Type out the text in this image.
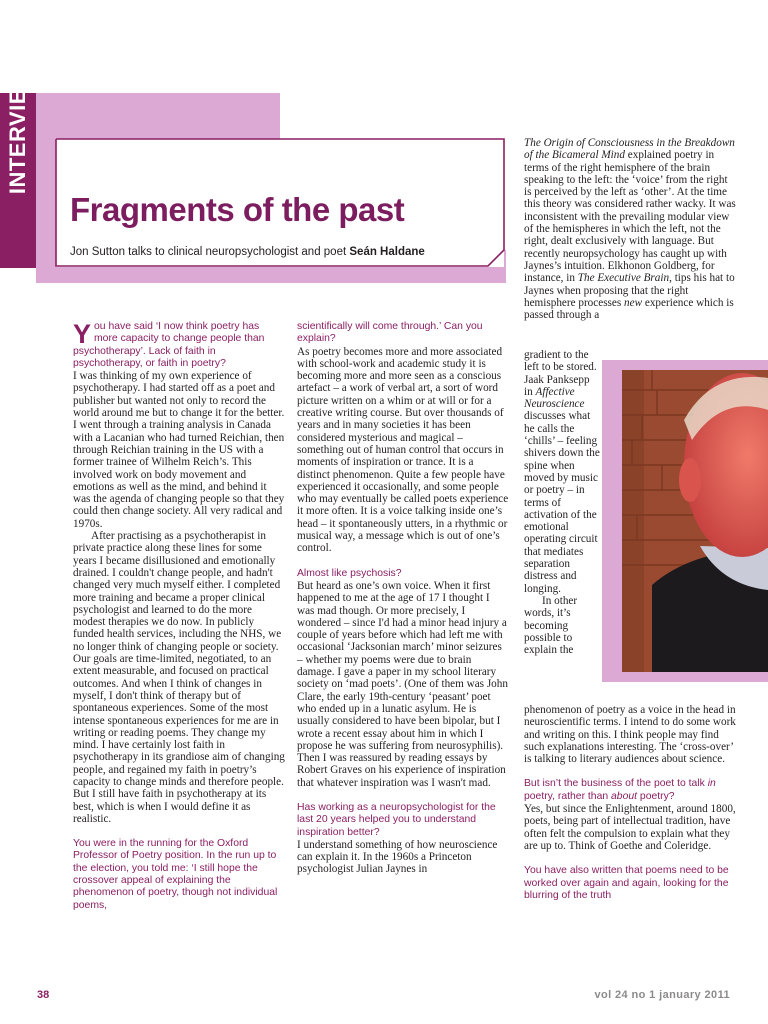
INTERVIEW
Fragments of the past

Jon Sutton talks to clinical neuropsychologist and poet Seán Haldane

You have said ‘I now think poetry has more capacity to change people than psychotherapy’. Lack of faith in psychotherapy, or faith in poetry?

I was thinking of my own experience of psychotherapy. I had started off as a poet and publisher but wanted not only to record the world around me but to change it for the better. I went through a training analysis in Canada with a Lacanian who had turned Reichian, then through Reichian training in the US with a former trainee of Wilhelm Reich’s. This involved work on body movement and emotions as well as the mind, and behind it was the agenda of changing people so that they could then change society. All very radical and 1970s.

After practising as a psychotherapist in private practice along these lines for some years I became disillusioned and emotionally drained. I couldn't change people, and hadn't changed very much myself either. I completed more training and became a proper clinical psychologist and learned to do the more modest therapies we do now. In publicly funded health services, including the NHS, we no longer think of changing people or society. Our goals are time-limited, negotiated, to an extent measurable, and focused on practical outcomes. And when I think of changes in myself, I don't think of therapy but of spontaneous experiences. Some of the most intense spontaneous experiences for me are in writing or reading poems. They change my mind. I have certainly lost faith in psychotherapy in its grandiose aim of changing people, and regained my faith in poetry’s capacity to change minds and therefore people. But I still have faith in psychotherapy at its best, which is when I would define it as realistic.

You were in the running for the Oxford Professor of Poetry position. In the run up to the election, you told me: ‘I still hope the crossover appeal of explaining the phenomenon of poetry, though not individual poems,

scientifically will come through.’ Can you explain?

As poetry becomes more and more associated with school-work and academic study it is becoming more and more seen as a conscious artefact – a work of verbal art, a sort of word picture written on a whim or at will or for a creative writing course. But over thousands of years and in many societies it has been considered mysterious and magical – something out of human control that occurs in moments of inspiration or trance. It is a distinct phenomenon. Quite a few people have experienced it occasionally, and some people who may eventually be called poets experience it more often. It is a voice talking inside one’s head – it spontaneously utters, in a rhythmic or musical way, a message which is out of one’s control.

Almost like psychosis?

But heard as one’s own voice. When it first happened to me at the age of 17 I thought I was mad though. Or more precisely, I wondered – since I'd had a minor head injury a couple of years before which had left me with occasional ‘Jacksonian march’ minor seizures – whether my poems were due to brain damage. I gave a paper in my school literary society on ‘mad poets’. (One of them was John Clare, the early 19th-century ‘peasant’ poet who ended up in a lunatic asylum. He is usually considered to have been bipolar, but I wrote a recent essay about him in which I propose he was suffering from neurosyphilis). Then I was reassured by reading essays by Robert Graves on his experience of inspiration that whatever inspiration was I wasn't mad.

Has working as a neuropsychologist for the last 20 years helped you to understand inspiration better?

I understand something of how neuroscience can explain it. In the 1960s a Princeton psychologist Julian Jaynes in

The Origin of Consciousness in the Breakdown of the Bicameral Mind explained poetry in terms of the right hemisphere of the brain speaking to the left: the ‘voice’ from the right is perceived by the left as ‘other’. At the time this theory was considered rather wacky. It was inconsistent with the prevailing modular view of the hemispheres in which the left, not the right, dealt exclusively with language. But recently neuropsychology has caught up with Jaynes’s intuition. Elkhonon Goldberg, for instance, in The Executive Brain, tips his hat to Jaynes when proposing that the right hemisphere processes new experience which is passed through a

gradient to the left to be stored. Jaak Panksepp in Affective Neuroscience discusses what he calls the ‘chills’ – feeling shivers down the spine when moved by music or poetry – in terms of activation of the emotional operating circuit that mediates separation distress and longing.

In other words, it’s becoming possible to explain the

phenomenon of poetry as a voice in the head in neuroscientific terms. I intend to do some work and writing on this. I think people may find such explanations interesting. The ‘cross-over’ is talking to literary audiences about science.

But isn’t the business of the poet to talk in poetry, rather than about poetry?

Yes, but since the Enlightenment, around 1800, poets, being part of intellectual tradition, have often felt the compulsion to explain what they are up to. Think of Goethe and Coleridge.

You have also written that poems need to be worked over again and again, looking for the blurring of the truth

38	vol 24 no 1 january 2011
